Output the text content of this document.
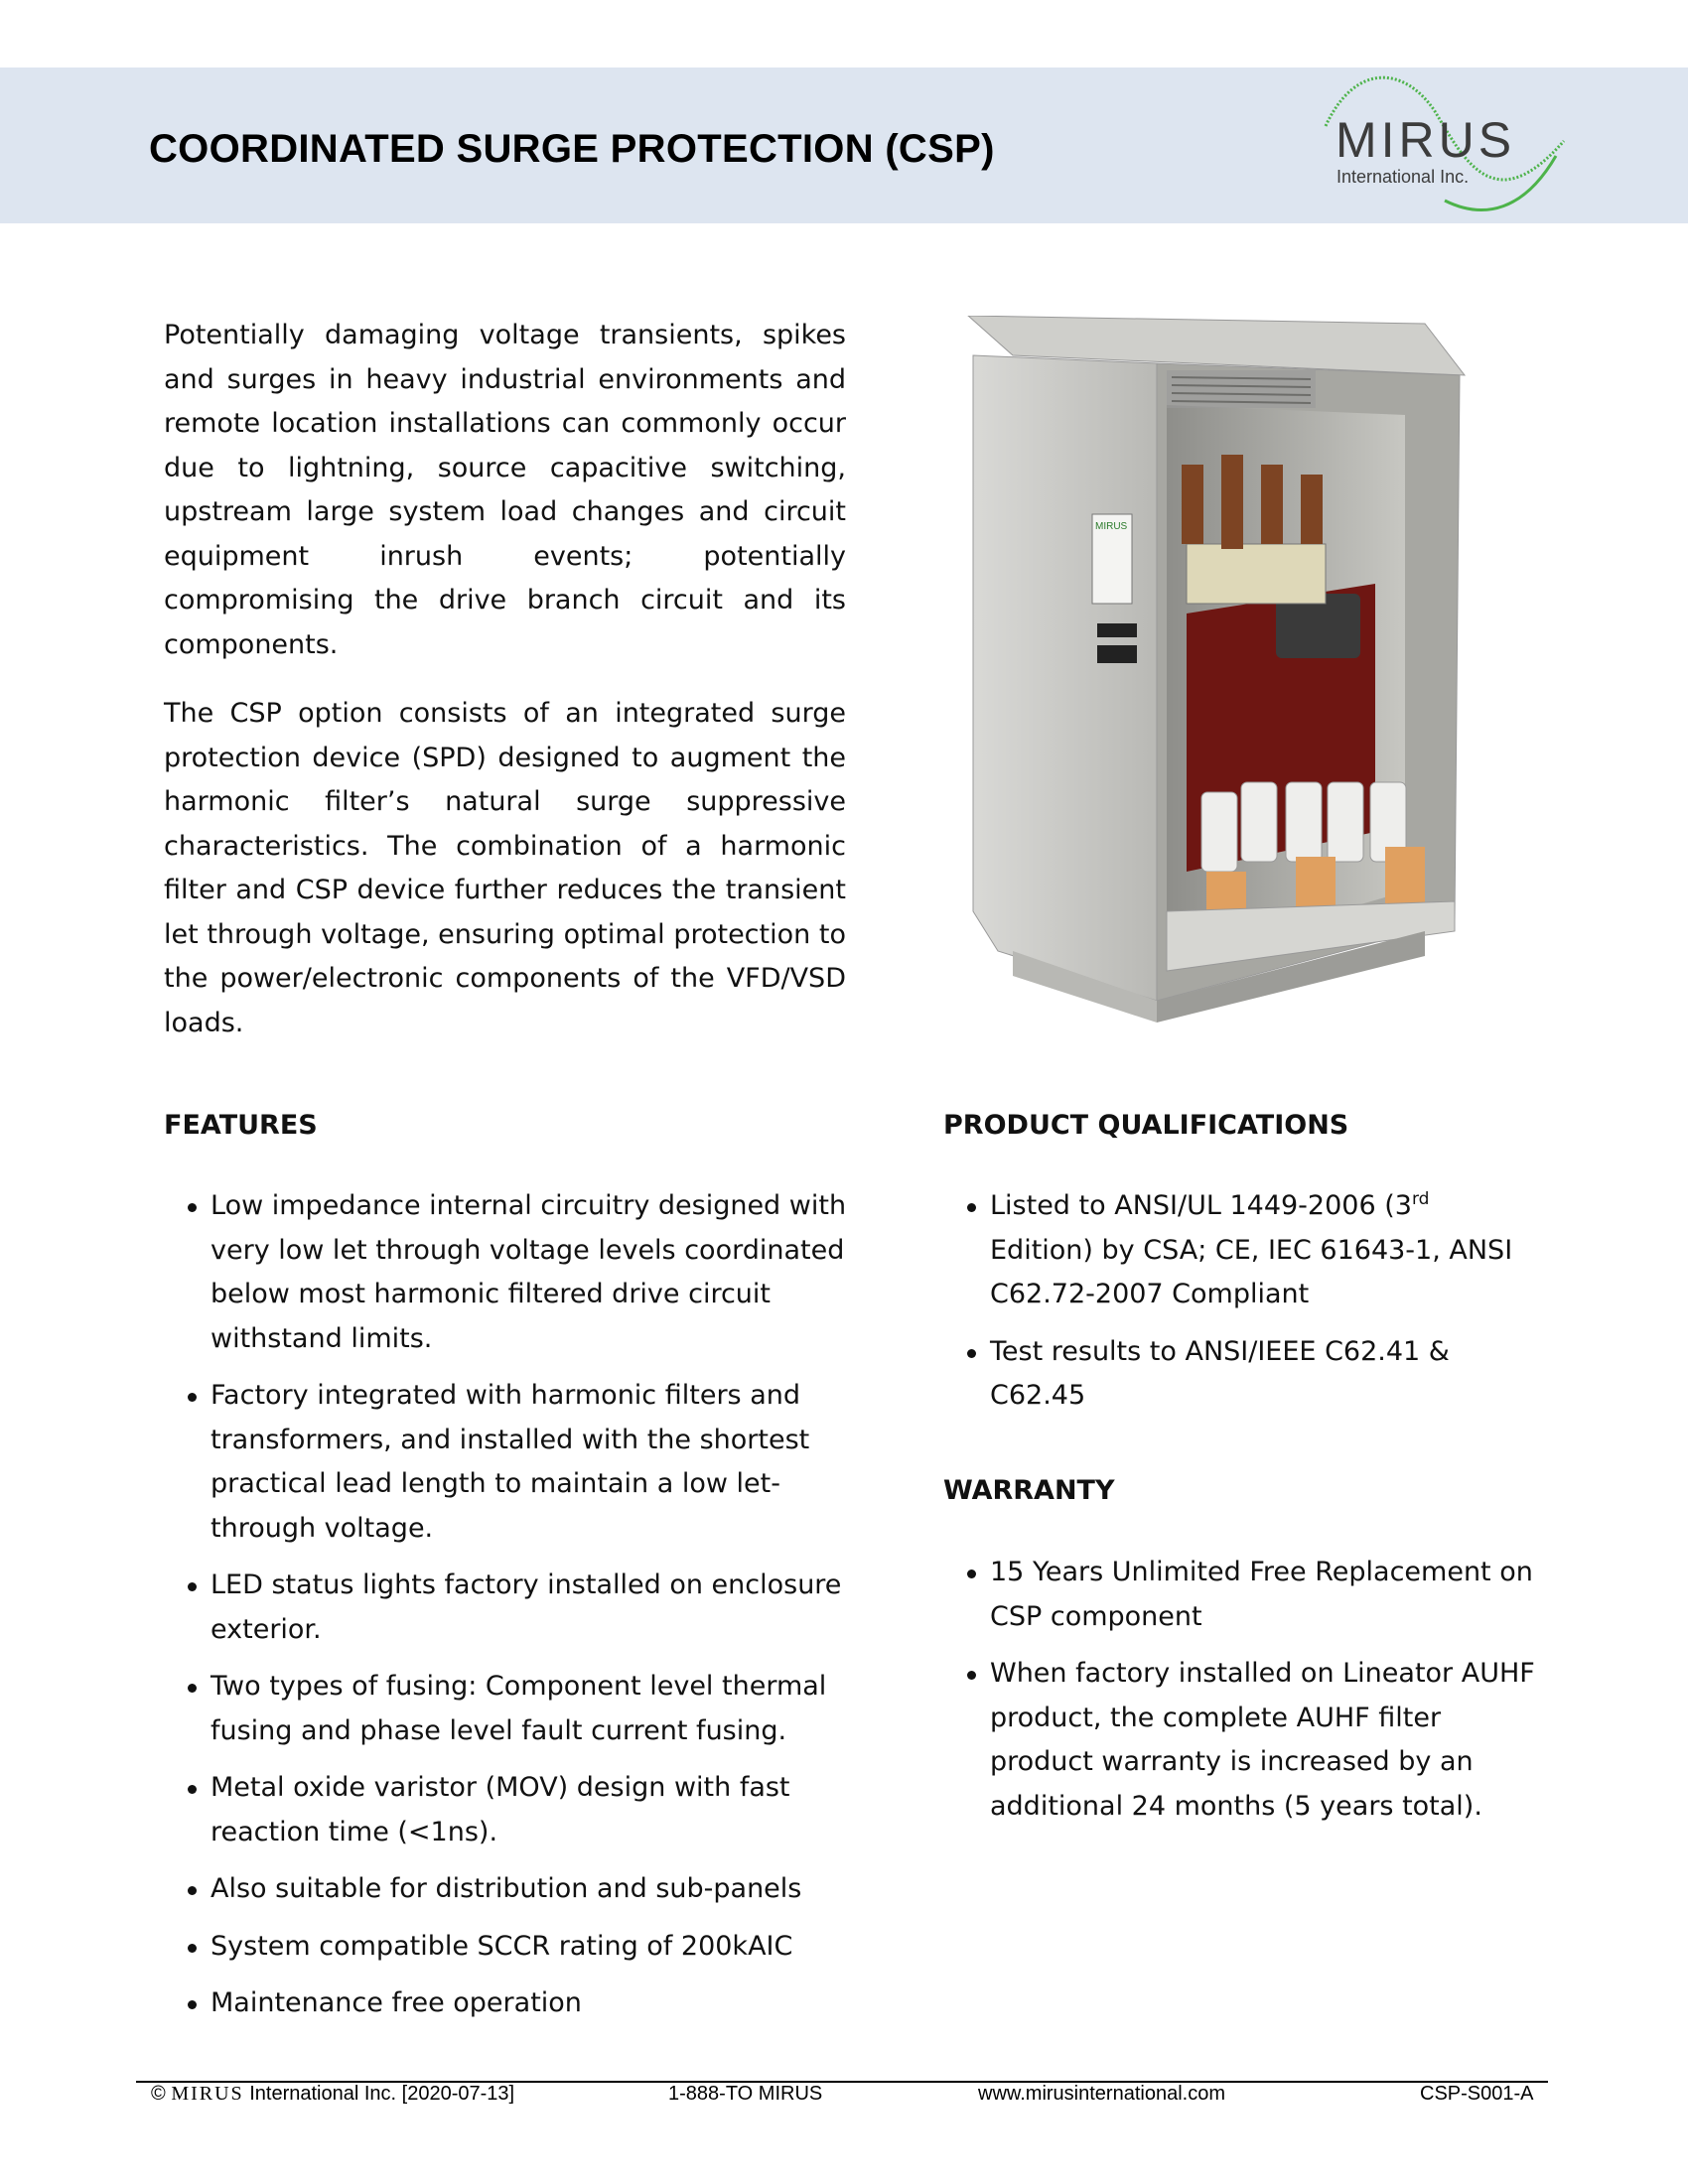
COORDINATED SURGE PROTECTION (CSP)	MIRUS
International Inc.
Potentially damaging voltage transients, spikes and surges in heavy industrial environments and remote location installations can commonly occur due to lightning, source capacitive switching, upstream large system load changes and circuit equipment inrush events; potentially compromising the drive branch circuit and its components.
The CSP option consists of an integrated surge protection device (SPD) designed to augment the harmonic filter’s natural surge suppressive characteristics. The combination of a harmonic filter and CSP device further reduces the transient let through voltage, ensuring optimal protection to the power/electronic components of the VFD/VSD loads.
MIRUS
FEATURES
Low impedance internal circuitry designed with very low let through voltage levels coordinated below most harmonic filtered drive circuit withstand limits.
Factory integrated with harmonic filters and transformers, and installed with the shortest practical lead length to maintain a low let-through voltage.
LED status lights factory installed on enclosure exterior.
Two types of fusing: Component level thermal fusing and phase level fault current fusing.
Metal oxide varistor (MOV) design with fast reaction time (<1ns).
Also suitable for distribution and sub-panels
System compatible SCCR rating of 200kAIC
Maintenance free operation
PRODUCT QUALIFICATIONS
Listed to ANSI/UL 1449-2006 (3rd Edition) by CSA; CE, IEC 61643-1, ANSI C62.72-2007 Compliant
Test results to ANSI/IEEE C62.41 & C62.45
WARRANTY
15 Years Unlimited Free Replacement on    CSP component
When factory installed on Lineator AUHF product, the complete AUHF filter product warranty is increased by an additional 24 months (5 years total).
© MIRUS International Inc. [2020-07-13]	1-888-TO MIRUS	www.mirusinternational.com	CSP-S001-A
